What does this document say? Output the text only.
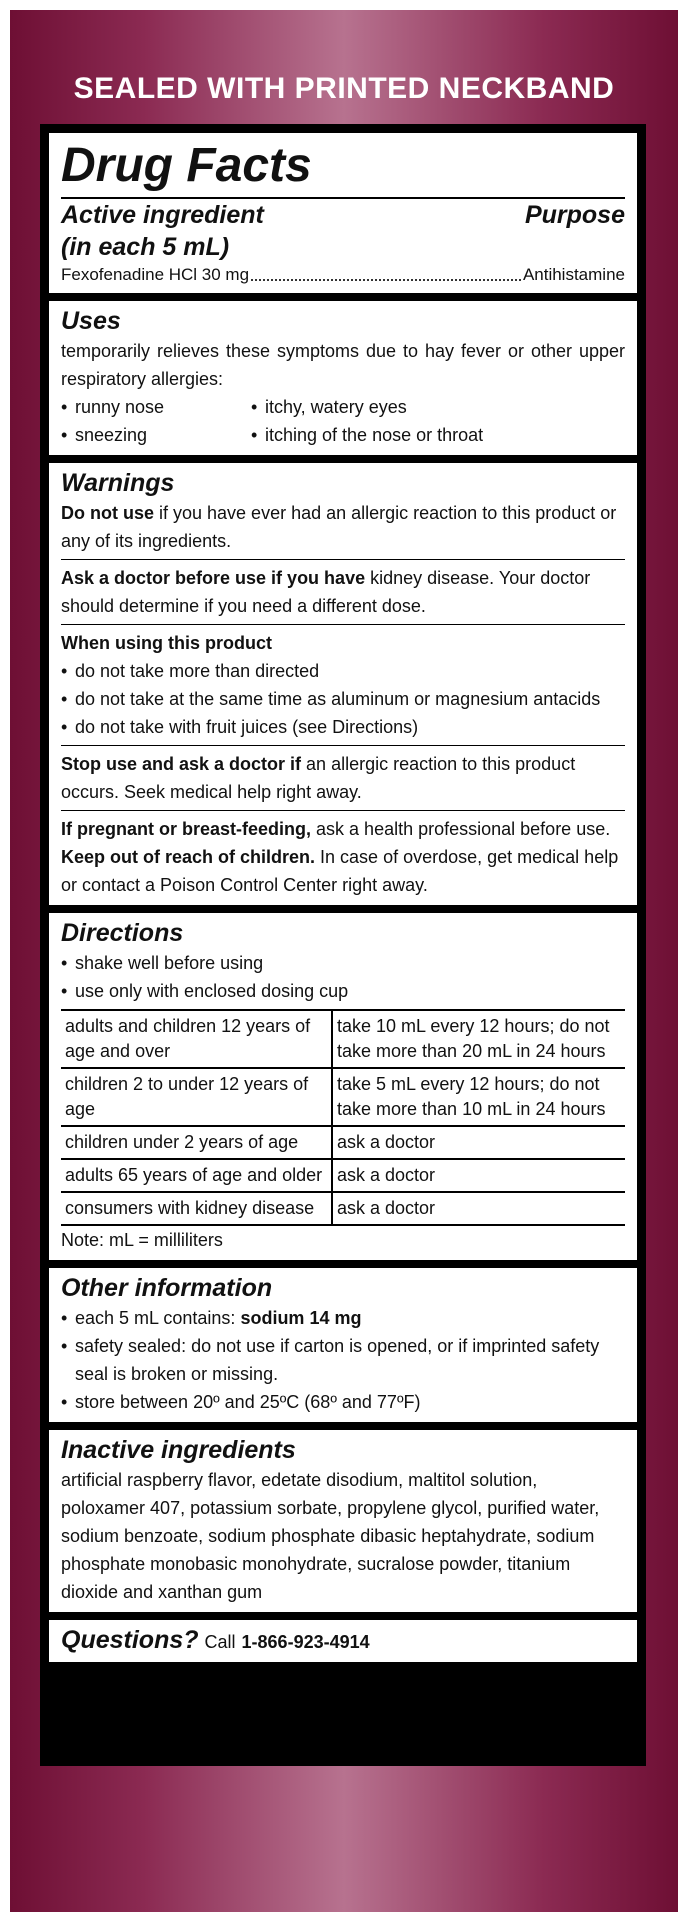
SEALED WITH PRINTED NECKBAND
Drug Facts
Active ingredient	Purpose
(in each 5 mL)
Fexofenadine HCl 30 mg	Antihistamine
Uses
temporarily relieves these symptoms due to hay fever or other upper respiratory allergies:
• runny nose	• itchy, watery eyes
• sneezing	• itching of the nose or throat
Warnings
Do not use if you have ever had an allergic reaction to this product or any of its ingredients.
Ask a doctor before use if you have kidney disease. Your doctor should determine if you need a different dose.
When using this product
• do not take more than directed
• do not take at the same time as aluminum or magnesium antacids
• do not take with fruit juices (see Directions)
Stop use and ask a doctor if an allergic reaction to this product occurs. Seek medical help right away.
If pregnant or breast-feeding, ask a health professional before use.
Keep out of reach of children. In case of overdose, get medical help or contact a Poison Control Center right away.
Directions
• shake well before using
• use only with enclosed dosing cup
adults and children 12 years of age and over	take 10 mL every 12 hours; do not take more than 20 mL in 24 hours
children 2 to under 12 years of age	take 5 mL every 12 hours; do not take more than 10 mL in 24 hours
children under 2 years of age	ask a doctor
adults 65 years of age and older	ask a doctor
consumers with kidney disease	ask a doctor
Note: mL = milliliters
Other information
• each 5 mL contains: sodium 14 mg
• safety sealed: do not use if carton is opened, or if imprinted safety seal is broken or missing.
• store between 20º and 25ºC (68º and 77ºF)
Inactive ingredients
artificial raspberry flavor, edetate disodium, maltitol solution, poloxamer 407, potassium sorbate, propylene glycol, purified water, sodium benzoate, sodium phosphate dibasic heptahydrate, sodium phosphate monobasic monohydrate, sucralose powder, titanium dioxide and xanthan gum
Questions? Call 1-866-923-4914
